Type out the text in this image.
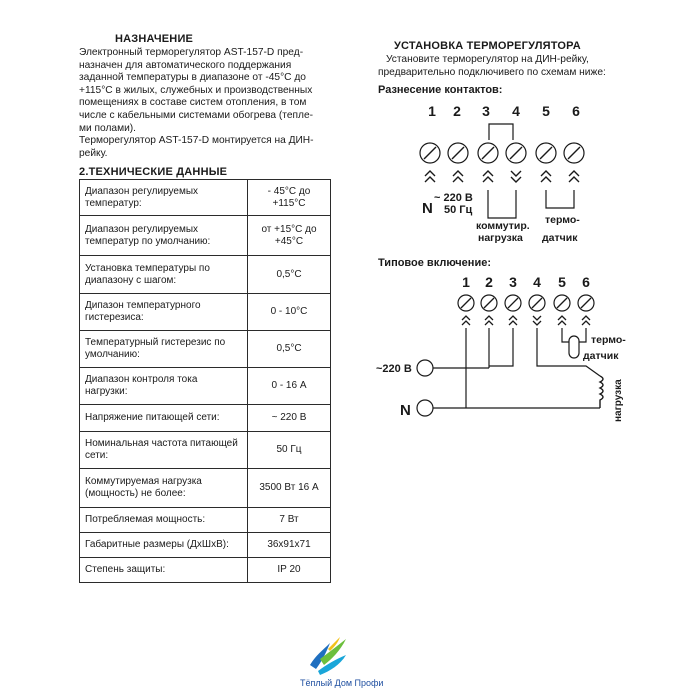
НАЗНАЧЕНИЕ
Электронный терморегулятор AST-157-D пред-
назначен для автоматического поддержания
заданной температуры в диапазоне от -45°С до
+115°С в жилых, служебных и производственных
помещениях в составе систем отопления, в том
числе с кабельными системами обогрева (тепле-
ми полами).
Терморегулятор AST-157-D монтируется на ДИН-
рейку.
2.ТЕХНИЧЕСКИЕ ДАННЫЕ
Диапазон регулируемых температур:	- 45°С до +115°С
Диапазон регулируемых температур по умолчанию:	от +15°С до +45°С
Установка температуры по диапазону с шагом:	0,5°С
Дипазон температурного гистерезиса:	0 - 10°С
Температурный гистерезис по умолчанию:	0,5°С
Диапазон контроля тока нагрузки:	0 - 16 А
Напряжение питающей сети:	~ 220 В
Номинальная частота питающей сети:	50 Гц
Коммутируемая нагрузка (мощность) не более:	3500 Вт 16 А
Потребляемая мощность:	7 Вт
Габаритные размеры (ДхШхВ):	36х91х71
Степень защиты:	IP 20
УСТАНОВКА ТЕРМОРЕГУЛЯТОРА
Установите терморегулятор на ДИН-рейку,
предварительно подключивего по схемам ниже:
Разнесение контактов:
1 2 3 4 5 6
N
~ 220 В
50 Гц
коммутир.
нагрузка
термо-
датчик
Типовое включение:
1 2 3 4 5 6
~220 В
N
термо-
датчик
нагрузка
Тёплый Дом Профи
